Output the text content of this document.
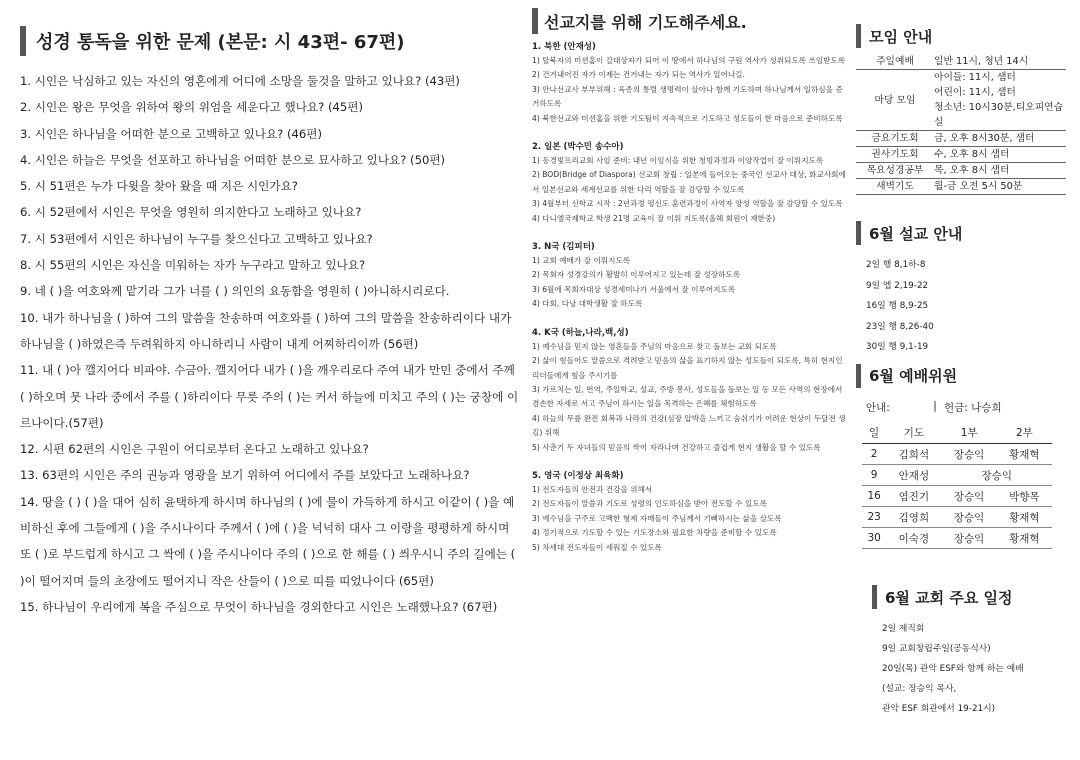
성경 통독을 위한 문제 (본문: 시 43편- 67편)
1. 시인은 낙심하고 있는 자신의 영혼에게 어디에 소망을 둘것을 말하고 있나요? (43편)
2. 시인은 왕은 무엇을 위하여 왕의 위엄을 세운다고 했나요? (45편)
3. 시인은 하나님을 어떠한 분으로 고백하고 있나요? (46편)
4. 시인은 하늘은 무엇을 선포하고 하나님을 어떠한 분으로 묘사하고 있나요? (50편)
5. 시 51편은 누가 다윗을 찾아 왔을 때 지은 시인가요?
6. 시 52편에서 시인은 무엇을 영원히 의지한다고 노래하고 있나요?
7. 시 53편에서 시인은 하나님이 누구를 찾으신다고 고백하고 있나요?
8. 시 55편의 시인은 자신을 미워하는 자가 누구라고 말하고 있나요?
9. 네 ( )을 여호와께 맡기라 그가 너를 ( ) 의인의 요동함을 영원히 ( )아니하시리로다.
10. 내가 하나님을 ( )하여 그의 말씀을 찬송하며 여호와를 ( )하여 그의 말씀을 찬송하리이다 내가 하나님을 ( )하였은즉 두려워하지 아니하리니 사람이 내게 어찌하리이까 (56편)
11. 내 ( )아 깰지어다 비파야. 수금아. 깰지어다 내가 ( )을 깨우리로다 주여 내가 만민 중에서 주께 ( )하오며 뭇 나라 중에서 주를 ( )하리이다 무릇 주의 ( )는 커서 하늘에 미치고 주의 ( )는 궁창에 이르나이다.(57편)
12. 시편 62편의 시인은 구원이 어디로부터 온다고 노래하고 있나요?
13. 63편의 시인은 주의 권능과 영광을 보기 위하여 어디에서 주를 보았다고 노래하나요?
14. 땅을 ( ) ( )을 대어 심히 윤택하게 하시며 하나님의 ( )에 물이 가득하게 하시고 이같이 ( )을 예비하신 후에 그들에게 ( )을 주시나이다 주께서 ( )에 ( )을 넉넉히 대사 그 이랑을 평평하게 하시며 또 ( )로 부드럽게 하시고 그 싹에 ( )을 주시나이다 주의 ( )으로 한 해를 ( ) 씌우시니 주의 길에는 ( )이 떨어지며 들의 초장에도 떨어지니 작은 산들이 ( )으로 띠를 띠었나이다 (65편)
15. 하나님이 우리에게 복을 주심으로 무엇이 하나님을 경외한다고 시인은 노래했나요? (67편)
선교지를 위해 기도해주세요.
1. 북한 (안재성)
1) 탈북자의 미션홈이 갈대상자가 되어 이 땅에서 하나님의 구원 역사가 성취되도록 쓰임받도록
2) 건겨내어진 자가 이제는 건겨내는 자가 되는 역사가 일어나길.
3) 안나선교사 부부위해 : 육종의 통렬 생명력이 살아나 함께 기도하며 하나님께서 일하심을 증거하도록
4) 북한선교와 미션홈을 위한 기도팀이 지속적으로 기도하고 성도들이 한 마음으로 준비하도록
2. 일본 (박수민 송수아)
1) 동경빛프리교회 사임 준비: 내년 이임식을 위한 청빙과정과 이양작업이 잘 이뤄지도록
2) BOD(Bridge of Diaspora) 선교회 창립 : 일본에 들어오는 중국인 선교사 대상, 화교사회에서 일본선교와 세계선교를 위한 다리 역할을 잘 감당할 수 있도록
3) 4월부터 신학교 시작 : 2년과정 평신도 훈련과정이 사역자 양성 역할을 잘 감당할 수 있도록
4) 다니엘국제학교 학생 21명 교육이 잘 이뤄 지도록(올해 회원이 재한중)
3. N국 (김피터)
1) 교회 예배가 잘 이뤄지도록
2) 목회자 성경강의가 활발히 이루어지고 있는데 잘 성장하도록
3) 6월에 목회자대상 성경세미나가 서울에서 잘 이루어지도록
4) 다회, 다낭 대학생활 잘 하도록
4. K국 (하늘,나라,백,성)
1) 예수님을 믿지 않는 영혼들을 주님의 마음으로 찾고 돌보는 교회 되도록
2) 삶이 힘들어도 말씀으로 격려받고 믿음의 삶을 표기하지 않는 성도들이 되도록, 특히 현지인 리더들에게 힘을 주시기를
3) 가르치는 일, 번역, 주일학교, 설교, 주방 봉사, 성도들을 돌보는 일 등 모든 사역의 현장에서 겸손한 자세로 서고 주님이 하시는 일을 목격하는 은혜를 체험하도록
4) 하늘의 무릎 완전 회복과 나라의 건강(심장 압박을 느끼고 숨쉬기가 어려운 현상이 두달전 생김) 위해
5) 사춘기 두 자녀들의 믿음의 싹이 자라나며 건강하고 즐겁게 현지 생활을 할 수 있도록
5. 영국 (이정상 최육화)
1) 전도자들의 안전과 건강을 위해서
2) 전도자들이 말씀과 기도로 성령의 인도하심을 받아 전도할 수 있도록
3) 예수님을 구주로 고백한 형제 자매들이 주님께서 기뻐하시는 삶을 살도록
4) 정기적으로 기도할 수 있는 기도장소와 필요한 차량을 준비할 수 있도록
5) 차세대 전도자들이 세워질 수 있도록
모임 안내
주일예배	일반 11시, 청년 14시
마당 모임
아이들: 11시, 샘터
어린이: 11시, 샘터
청소년: 10시30분,티오피연습실
금요기도회	금, 오후 8시30분, 샘터
권사기도회	수, 오후 8시 샘터
목요성경공부	목, 오후 8시 샘터
새벽기도	월-금 오전 5시 50분
6월 설교 안내
2일 행 8,1하-8
9일 엡 2,19-22
16일 행 8,9-25
23일 행 8,26-40
30일 행 9,1-19
6월 예배위원
안내:	| 헌금: 나승희
일	기도	1부	2부
2	김희석	장승익	황재혁
9	안재성	장승익	
16	염진기	장승익	박향목
23	김영희	장승익	황재혁
30	이숙경	장승익	황재혁
6월 교회 주요 일정
2일 제직회
9일 교회창립주일(공동식사)
20일(목) 관악 ESF와 함께 하는 예배
(설교: 장승익 목사,
관악 ESF 회관에서 19-21시)
